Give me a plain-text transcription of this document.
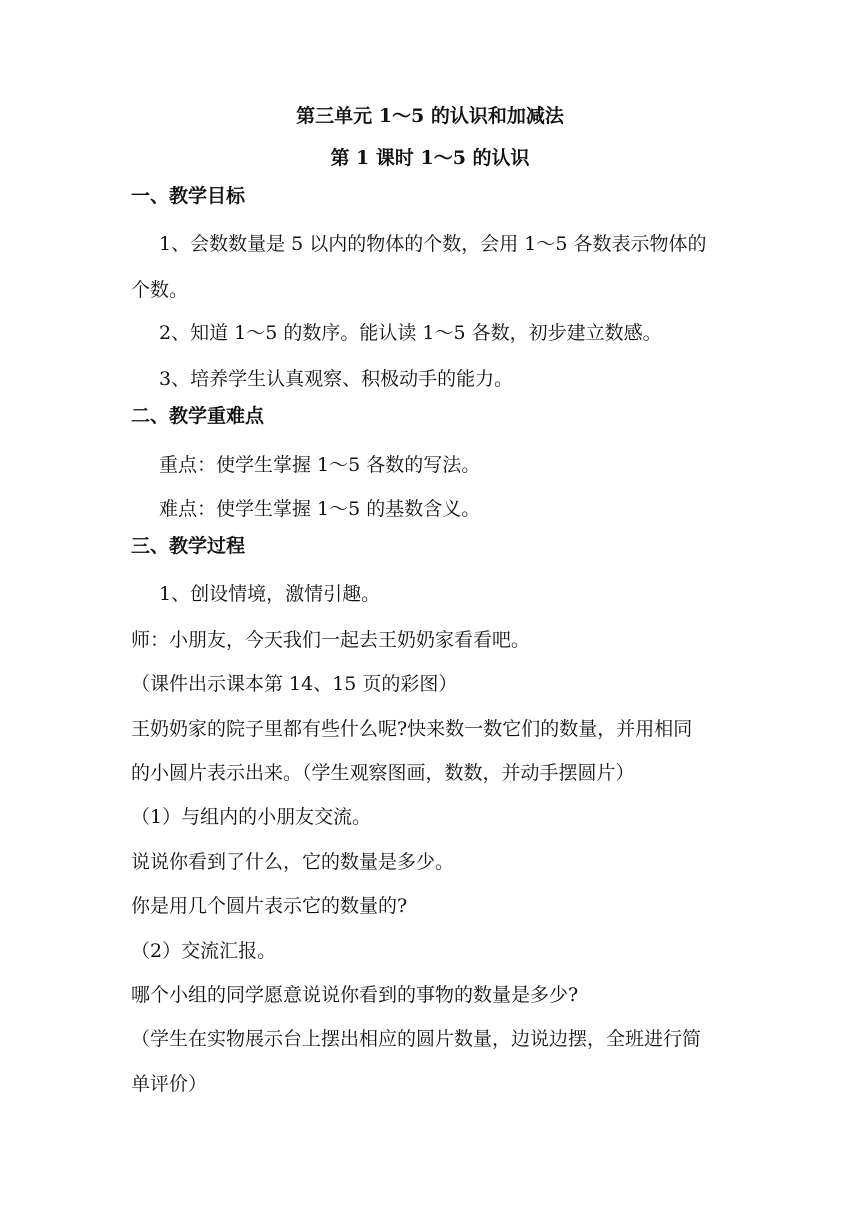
第三单元 1～5 的认识和加减法
第 1 课时 1～5 的认识
一、教学目标
1、会数数量是 5 以内的物体的个数，会用 1～5 各数表示物体的
个数。
2、知道 1～5 的数序。能认读 1～5 各数，初步建立数感。
3、培养学生认真观察、积极动手的能力。
二、教学重难点
重点：使学生掌握 1～5 各数的写法。
难点：使学生掌握 1～5 的基数含义。
三、教学过程
1、创设情境，激情引趣。
师：小朋友，今天我们一起去王奶奶家看看吧。
（课件出示课本第 14、15 页的彩图）
王奶奶家的院子里都有些什么呢?快来数一数它们的数量，并用相同
的小圆片表示出来。（学生观察图画，数数，并动手摆圆片）
（1）与组内的小朋友交流。
说说你看到了什么，它的数量是多少。
你是用几个圆片表示它的数量的?
（2）交流汇报。
哪个小组的同学愿意说说你看到的事物的数量是多少?
（学生在实物展示台上摆出相应的圆片数量，边说边摆，全班进行简
单评价）
